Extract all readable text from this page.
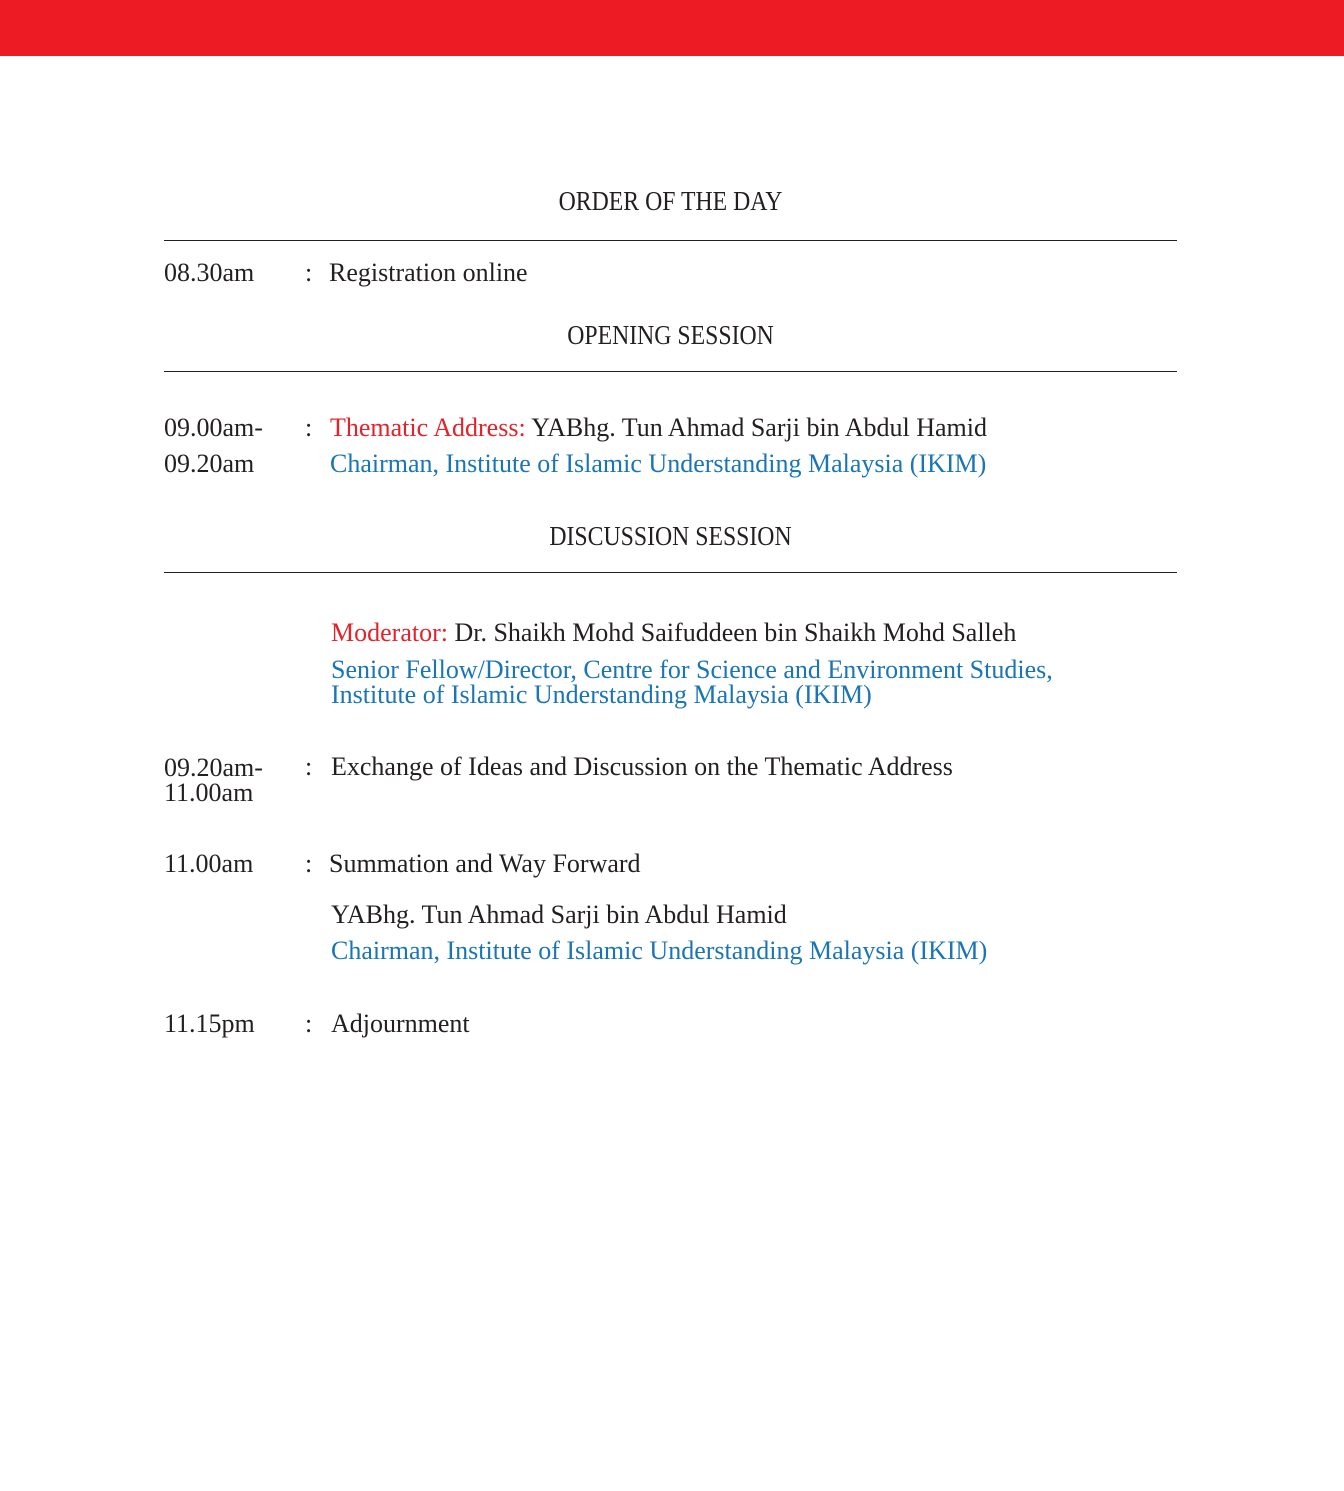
ORDER OF THE DAY
08.30am : Registration online
OPENING SESSION
09.00am-
09.20am
: Thematic Address: YABhg. Tun Ahmad Sarji bin Abdul Hamid
Chairman, Institute of Islamic Understanding Malaysia (IKIM)
DISCUSSION SESSION
Moderator: Dr. Shaikh Mohd Saifuddeen bin Shaikh Mohd Salleh
Senior Fellow/Director, Centre for Science and Environment Studies,
Institute of Islamic Understanding Malaysia (IKIM)
09.20am-
11.00am
: Exchange of Ideas and Discussion on the Thematic Address
11.00am : Summation and Way Forward
YABhg. Tun Ahmad Sarji bin Abdul Hamid
Chairman, Institute of Islamic Understanding Malaysia (IKIM)
11.15pm : Adjournment
